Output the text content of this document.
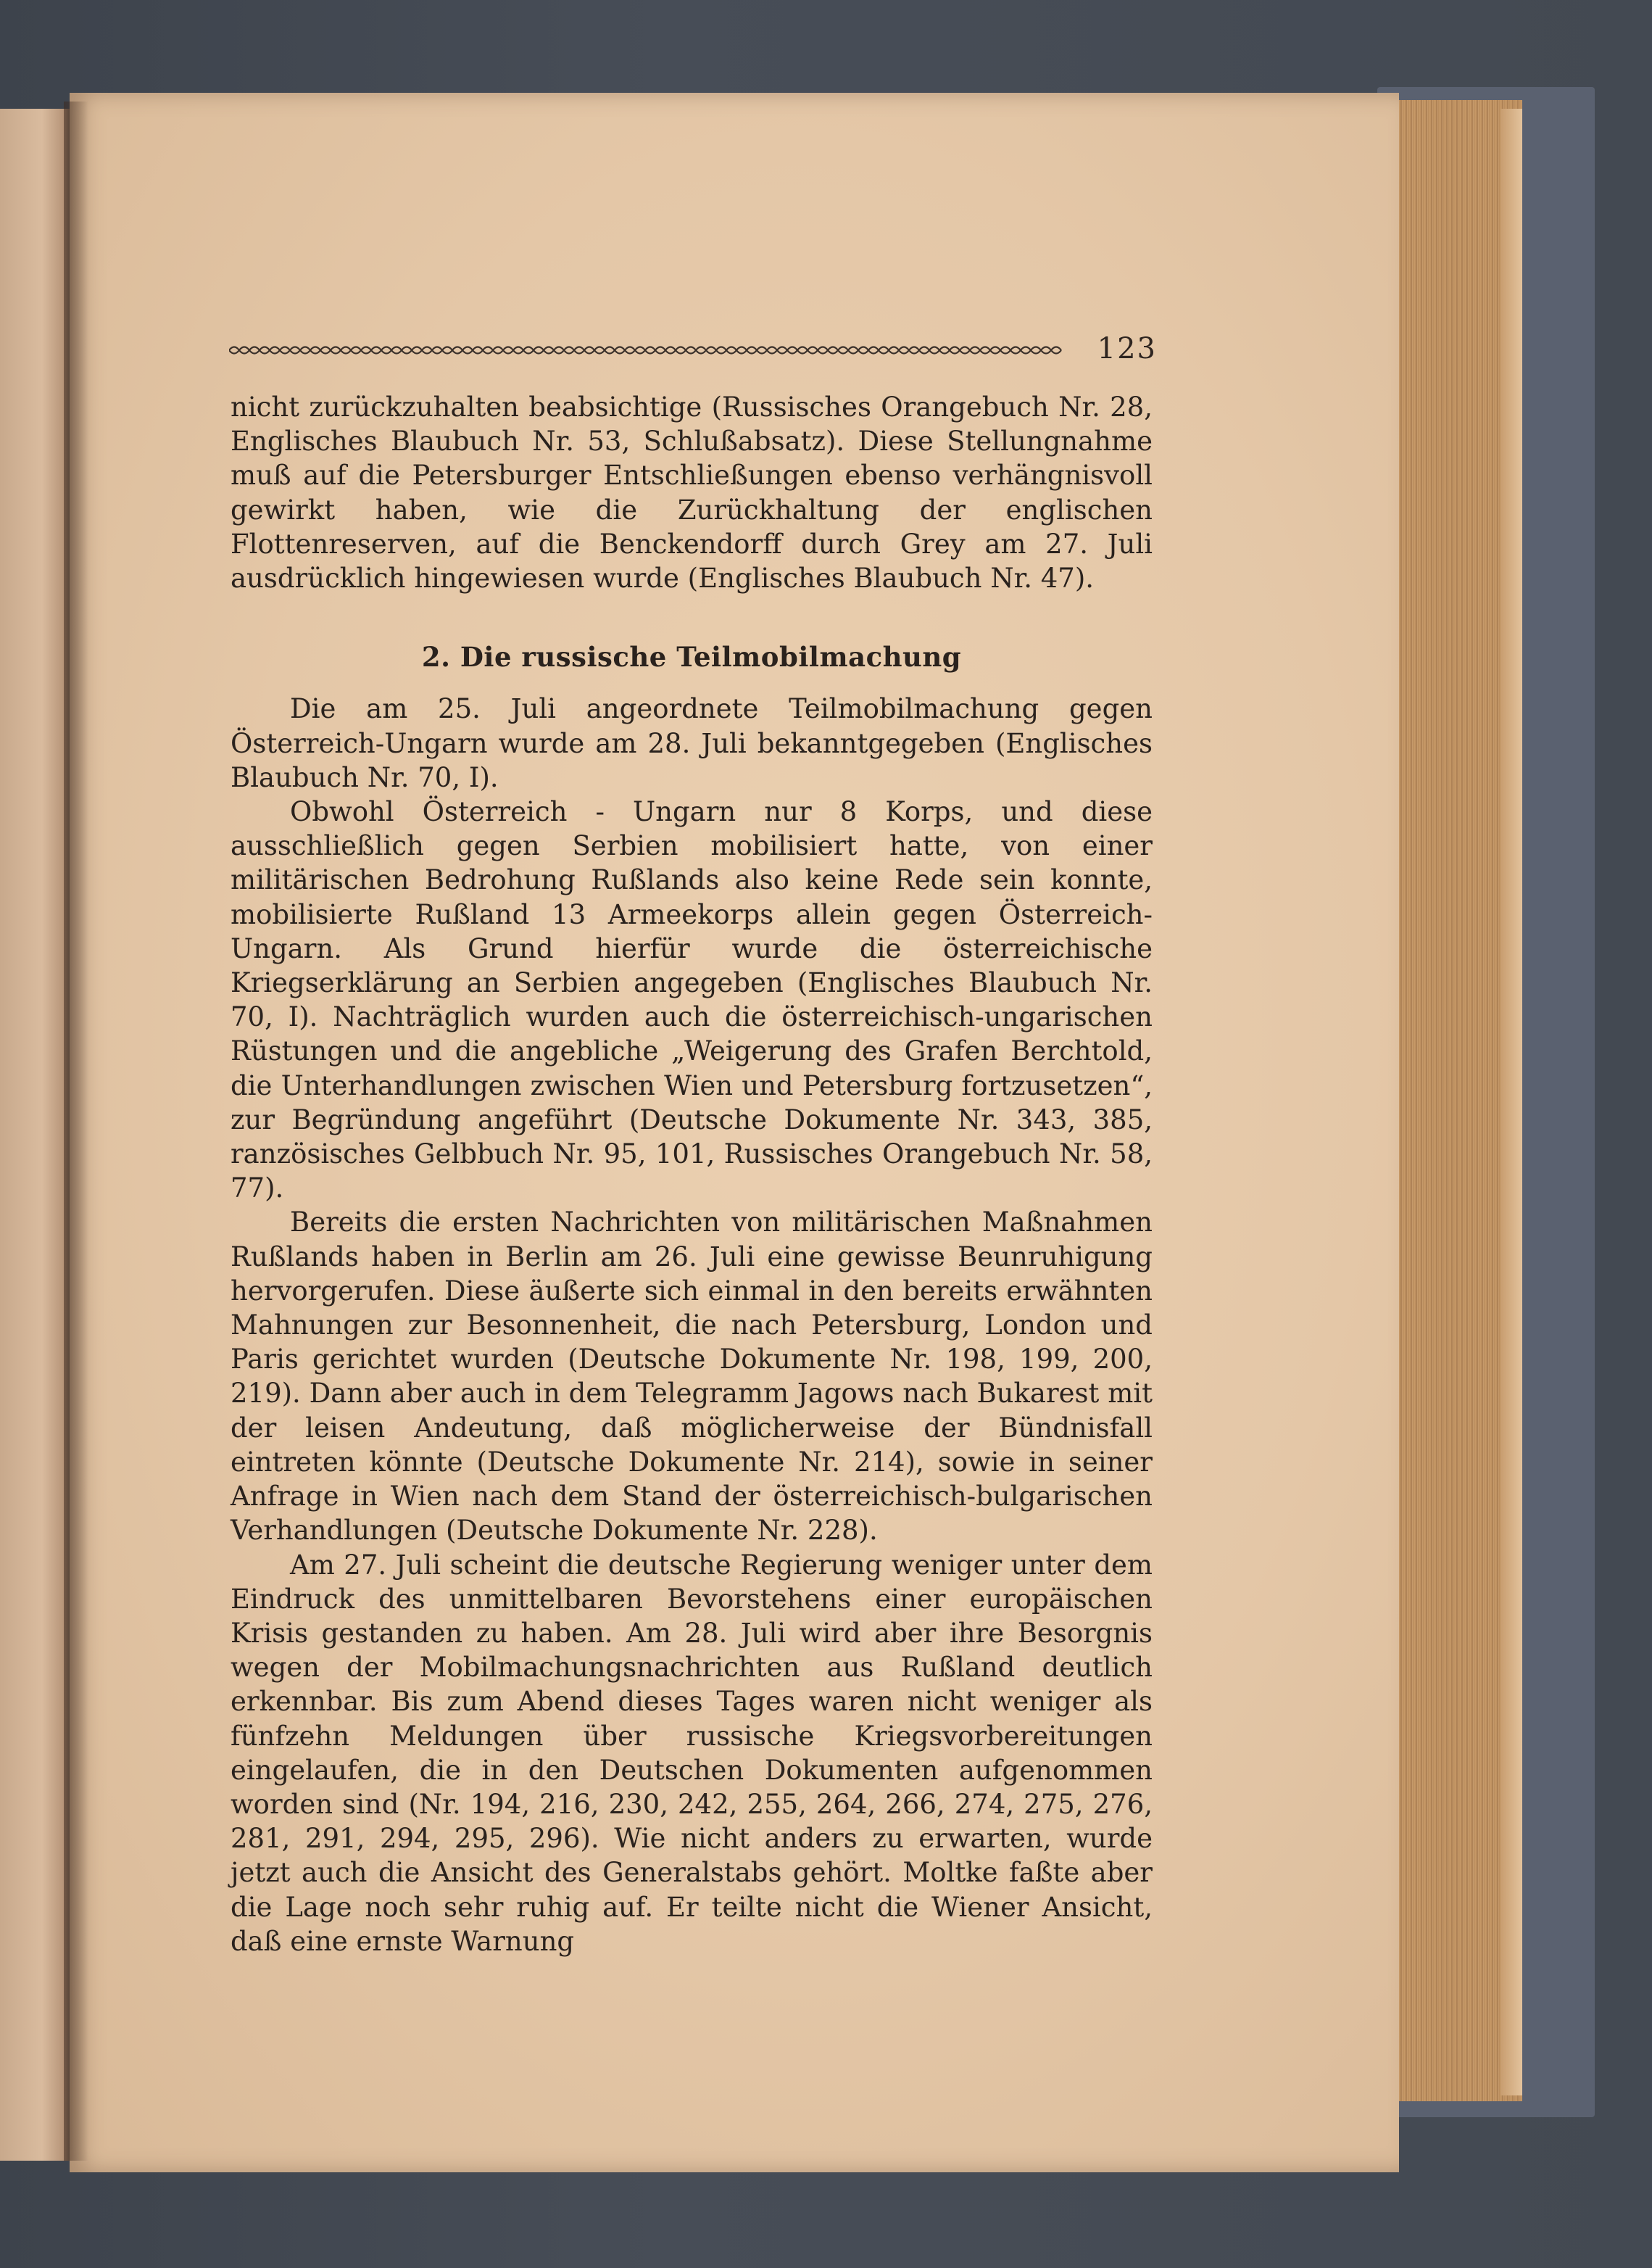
123

nicht zurückzuhalten beabsichtige (Russisches Orangebuch Nr. 28, Englisches Blaubuch Nr. 53, Schlußabsatz). Diese Stellungnahme muß auf die Petersburger Entschließungen ebenso verhängnisvoll gewirkt haben, wie die Zurückhaltung der englischen Flottenreserven, auf die Benckendorff durch Grey am 27. Juli ausdrücklich hingewiesen wurde (Englisches Blaubuch Nr. 47).

2. Die russische Teilmobilmachung

Die am 25. Juli angeordnete Teilmobilmachung gegen Österreich-Ungarn wurde am 28. Juli bekanntgegeben (Englisches Blaubuch Nr. 70, I).

Obwohl Österreich - Ungarn nur 8 Korps, und diese ausschließlich gegen Serbien mobilisiert hatte, von einer militärischen Bedrohung Rußlands also keine Rede sein konnte, mobilisierte Rußland 13 Armeekorps allein gegen Österreich-Ungarn. Als Grund hierfür wurde die österreichische Kriegserklärung an Serbien angegeben (Englisches Blaubuch Nr. 70, I). Nachträglich wurden auch die österreichisch-ungarischen Rüstungen und die angebliche „Weigerung des Grafen Berchtold, die Unterhandlungen zwischen Wien und Petersburg fortzusetzen“, zur Begründung angeführt (Deutsche Dokumente Nr. 343, 385, ranzösisches Gelbbuch Nr. 95, 101, Russisches Orangebuch Nr. 58, 77).

Bereits die ersten Nachrichten von militärischen Maßnahmen Rußlands haben in Berlin am 26. Juli eine gewisse Beunruhigung hervorgerufen. Diese äußerte sich einmal in den bereits erwähnten Mahnungen zur Besonnenheit, die nach Petersburg, London und Paris gerichtet wurden (Deutsche Dokumente Nr. 198, 199, 200, 219). Dann aber auch in dem Telegramm Jagows nach Bukarest mit der leisen Andeutung, daß möglicherweise der Bündnisfall eintreten könnte (Deutsche Dokumente Nr. 214), sowie in seiner Anfrage in Wien nach dem Stand der österreichisch-bulgarischen Verhandlungen (Deutsche Dokumente Nr. 228).

Am 27. Juli scheint die deutsche Regierung weniger unter dem Eindruck des unmittelbaren Bevorstehens einer europäischen Krisis gestanden zu haben. Am 28. Juli wird aber ihre Besorgnis wegen der Mobilmachungsnachrichten aus Rußland deutlich erkennbar. Bis zum Abend dieses Tages waren nicht weniger als fünfzehn Meldungen über russische Kriegsvorbereitungen eingelaufen, die in den Deutschen Dokumenten aufgenommen worden sind (Nr. 194, 216, 230, 242, 255, 264, 266, 274, 275, 276, 281, 291, 294, 295, 296). Wie nicht anders zu erwarten, wurde jetzt auch die Ansicht des Generalstabs gehört. Moltke faßte aber die Lage noch sehr ruhig auf. Er teilte nicht die Wiener Ansicht, daß eine ernste Warnung
